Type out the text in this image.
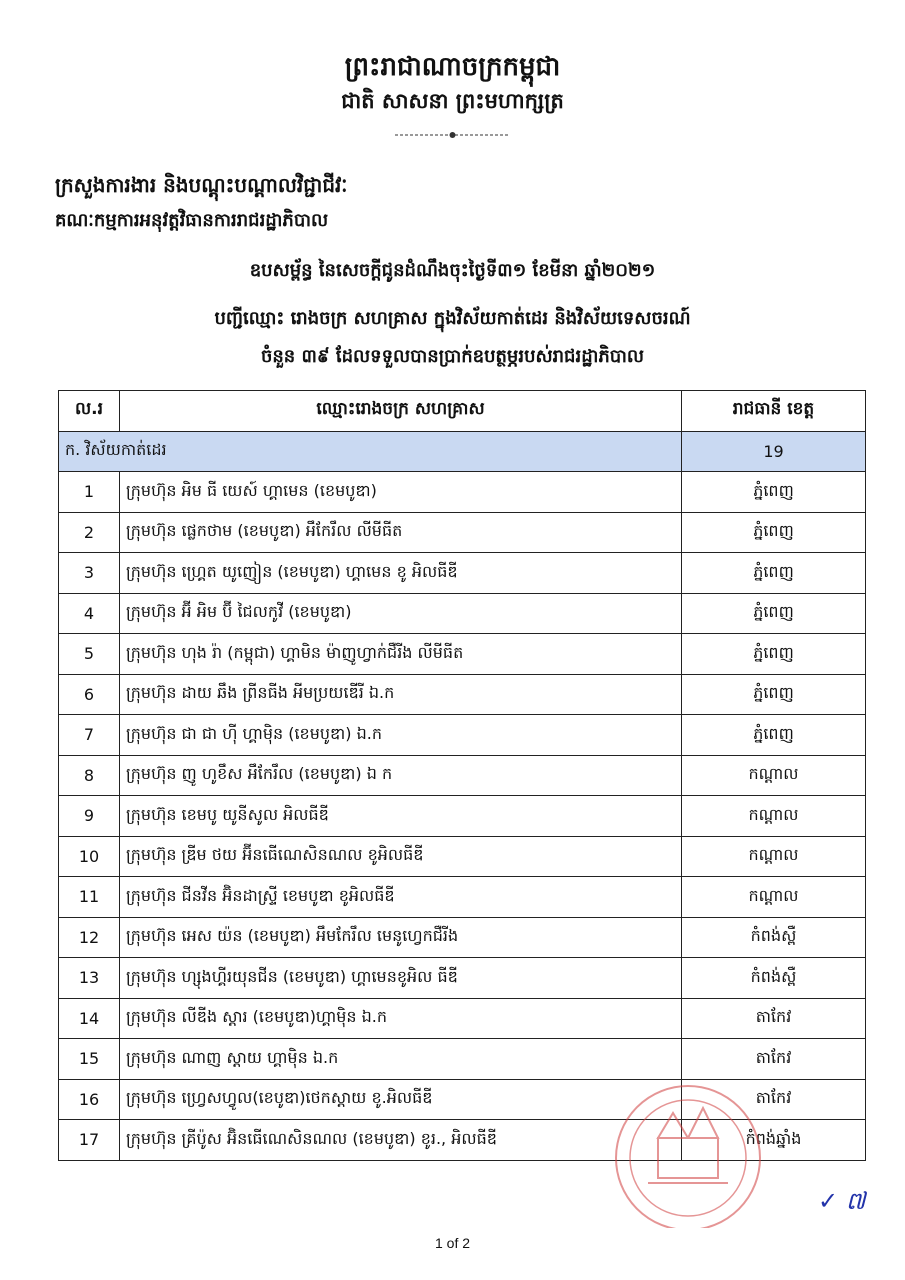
ព្រះរាជាណាចក្រកម្ពុជា
ជាតិ សាសនា ព្រះមហាក្សត្រ
ក្រសួងការងារ និងបណ្តុះបណ្តាលវិជ្ជាជីវៈ
គណៈកម្មការអនុវត្តវិធានការរាជរដ្ឋាភិបាល
ឧបសម្ព័ន្ធ នៃសេចក្ដីជូនដំណឹងចុះថ្ងៃទី៣១ ខែមីនា ឆ្នាំ២០២១
បញ្ជីឈ្មោះ រោងចក្រ សហគ្រាស ក្នុងវិស័យកាត់ដេរ និងវិស័យទេសចរណ៍
ចំនួន ៣៩ ដែលទទួលបានប្រាក់ឧបត្ថម្ភរបស់រាជរដ្ឋាភិបាល
ល.រ	ឈ្មោះរោងចក្រ សហគ្រាស	រាជធានី ខេត្ត
ក. វិស័យកាត់ដេរ		19
1	ក្រុមហ៊ុន អិម ធី យេស៍ ហ្គាមេន (ខេមបូឌា)	ភ្នំពេញ
2	ក្រុមហ៊ុន ផ្លេកថាម (ខេមបូឌា) អឹកែរឹល លីមីធីត	ភ្នំពេញ
3	ក្រុមហ៊ុន ហ្គ្រេត យូញៀន (ខេមបូឌា) ហ្គាមេន ខូ អិលធីឌី	ភ្នំពេញ
4	ក្រុមហ៊ុន អ៊ី អិម ប៊ី ជៃលកូវី (ខេមបូឌា)	ភ្នំពេញ
5	ក្រុមហ៊ុន ហុង រ៉ា (កម្ពុជា) ហ្គាមិន ម៉ាញូហ្វាក់ជឺរីង លីមីធីត	ភ្នំពេញ
6	ក្រុមហ៊ុន ដាយ ឆឹង ព្រីនធីង អីមប្រយឌើរី ឯ.ក	ភ្នំពេញ
7	ក្រុមហ៊ុន ជា ជា ហ៊ី ហ្គាម៉ិន (ខេមបូឌា) ឯ.ក	ភ្នំពេញ
8	ក្រុមហ៊ុន ញូ ហូខឹស អឹកែរឹល (ខេមបូឌា) ឯ ក	កណ្ដាល
9	ក្រុមហ៊ុន ខេមបូ យូនីសូល អិលធីឌី	កណ្ដាល
10	ក្រុមហ៊ុន ឌ្រីម ថយ អ៊ីនធើណេសិនណល ខូអិលធីឌី	កណ្ដាល
11	ក្រុមហ៊ុន ជីនវីន អ៊ិនដាស្រ្ទី ខេមបូឌា ខូអិលធីឌី	កណ្ដាល
12	ក្រុមហ៊ុន អេស យ៉ន (ខេមបូឌា) អឹមកែរឹល មេនូហ្វេកជឺរីង	កំពង់ស្ពឺ
13	ក្រុមហ៊ុន ហ្សុងហ្គីរយុនជីន (ខេមបូឌា) ហ្គាមេនខូអិល ធីឌី	កំពង់ស្ពឺ
14	ក្រុមហ៊ុន លីឌីង ស្តារ (ខេមបូឌា)ហ្គាម៉ិន ឯ.ក	តាកែវ
15	ក្រុមហ៊ុន ណាញ ស្តាយ ហ្គាម៉ិន ឯ.ក	តាកែវ
16	ក្រុមហ៊ុន ហ្វ្រេសហ្វូល(ខេបូឌា)ថេកស្តាយ ខូ.អិលធីឌី	តាកែវ
17	ក្រុមហ៊ុន គ្រីប៉ូស អ៊ិនធើណេសិនណល (ខេមបូឌា) ខូរ., អិលធីឌី	កំពង់ឆ្នាំង
✓ ៧
1 of 2
